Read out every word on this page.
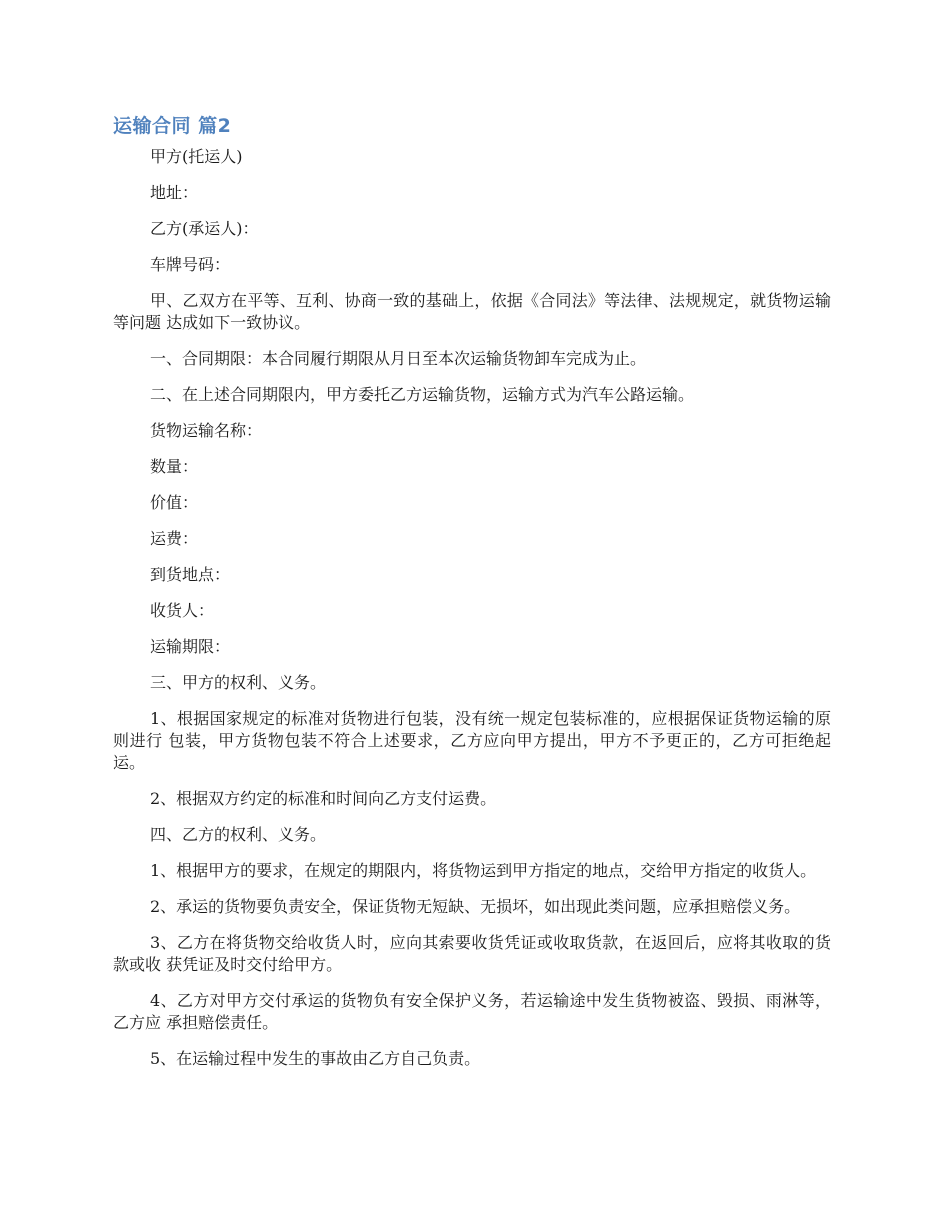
运输合同 篇2

甲方(托运人)

地址：

乙方(承运人)：

车牌号码：

甲、乙双方在平等、互利、协商一致的基础上，依据《合同法》等法律、法规规定，就货物运输等问题 达成如下一致协议。

一、合同期限：本合同履行期限从月日至本次运输货物卸车完成为止。

二、在上述合同期限内，甲方委托乙方运输货物，运输方式为汽车公路运输。

货物运输名称：

数量：

价值：

运费：

到货地点：

收货人：

运输期限：

三、甲方的权利、义务。

1、根据国家规定的标准对货物进行包装，没有统一规定包装标准的，应根据保证货物运输的原则进行 包装，甲方货物包装不符合上述要求，乙方应向甲方提出，甲方不予更正的，乙方可拒绝起运。

2、根据双方约定的标准和时间向乙方支付运费。

四、乙方的权利、义务。

1、根据甲方的要求，在规定的期限内，将货物运到甲方指定的地点，交给甲方指定的收货人。

2、承运的货物要负责安全，保证货物无短缺、无损坏，如出现此类问题，应承担赔偿义务。

3、乙方在将货物交给收货人时，应向其索要收货凭证或收取货款，在返回后，应将其收取的货款或收 获凭证及时交付给甲方。

4、乙方对甲方交付承运的货物负有安全保护义务，若运输途中发生货物被盗、毁损、雨淋等，乙方应 承担赔偿责任。

5、在运输过程中发生的事故由乙方自己负责。
